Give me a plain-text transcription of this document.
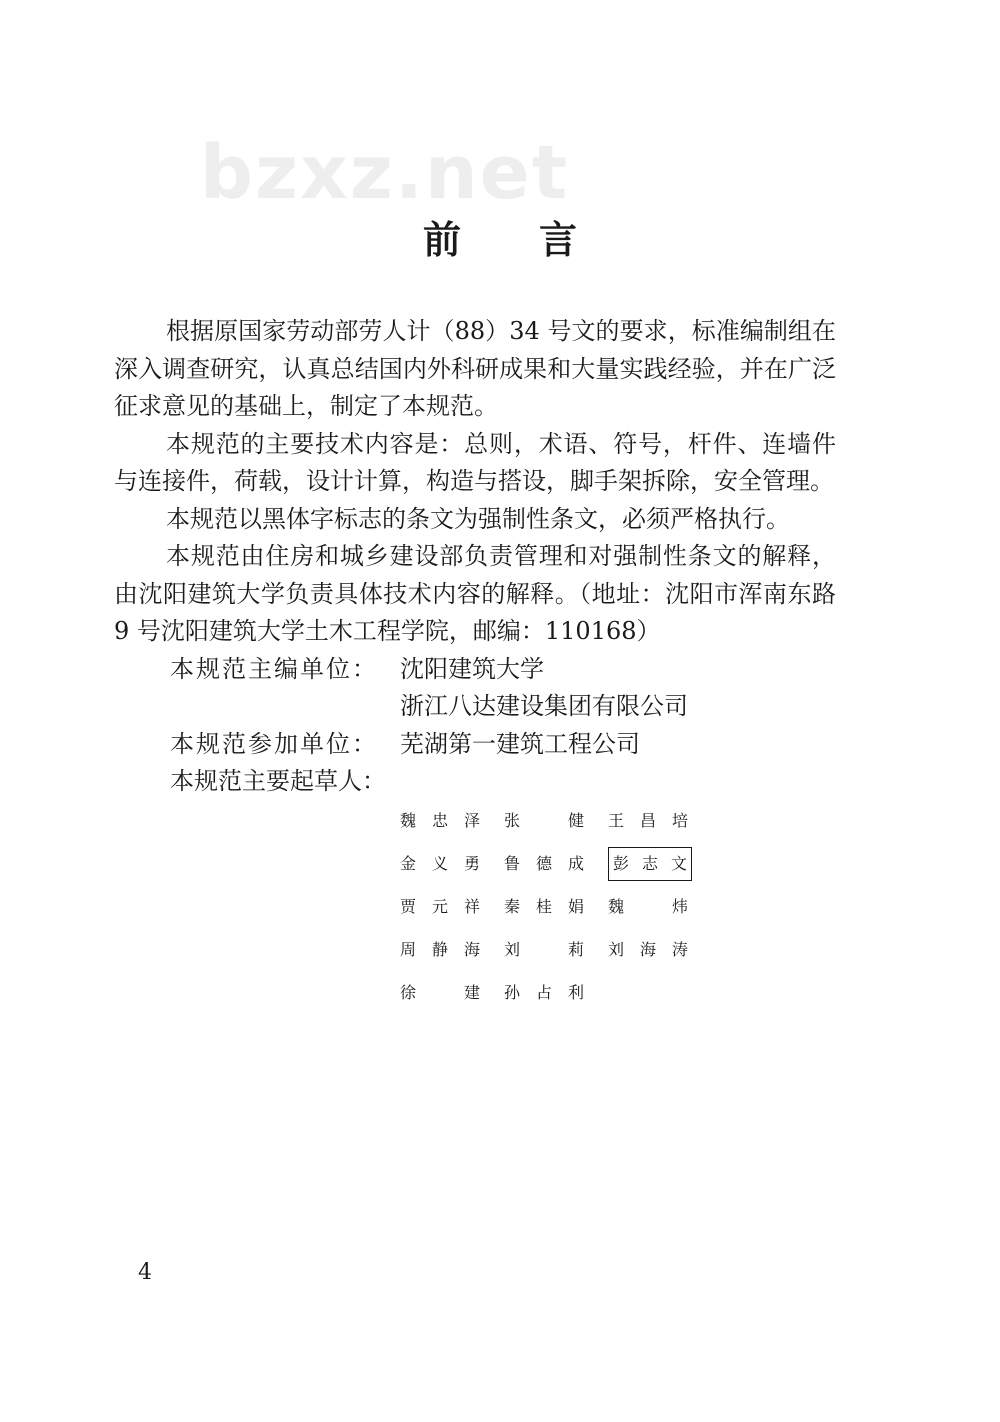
bzxz.net
前言

根据原国家劳动部劳人计（88）34 号文的要求，标准编制组在深入调查研究，认真总结国内外科研成果和大量实践经验，并在广泛征求意见的基础上，制定了本规范。

本规范的主要技术内容是：总则，术语、符号，杆件、连墙件与连接件，荷载，设计计算，构造与搭设，脚手架拆除，安全管理。

本规范以黑体字标志的条文为强制性条文，必须严格执行。

本规范由住房和城乡建设部负责管理和对强制性条文的解释，由沈阳建筑大学负责具体技术内容的解释。（地址：沈阳市浑南东路 9 号沈阳建筑大学土木工程学院，邮编：110168）

本规范主编单位： 沈阳建筑大学
浙江八达建设集团有限公司
本规范参加单位： 芜湖第一建筑工程公司
本规范主要起草人：
魏忠泽	张健	王昌培
金义勇	鲁德成	彭志文
贾元祥	秦桂娟	魏炜
周静海	刘莉	刘海涛
徐建	孙占利
4
